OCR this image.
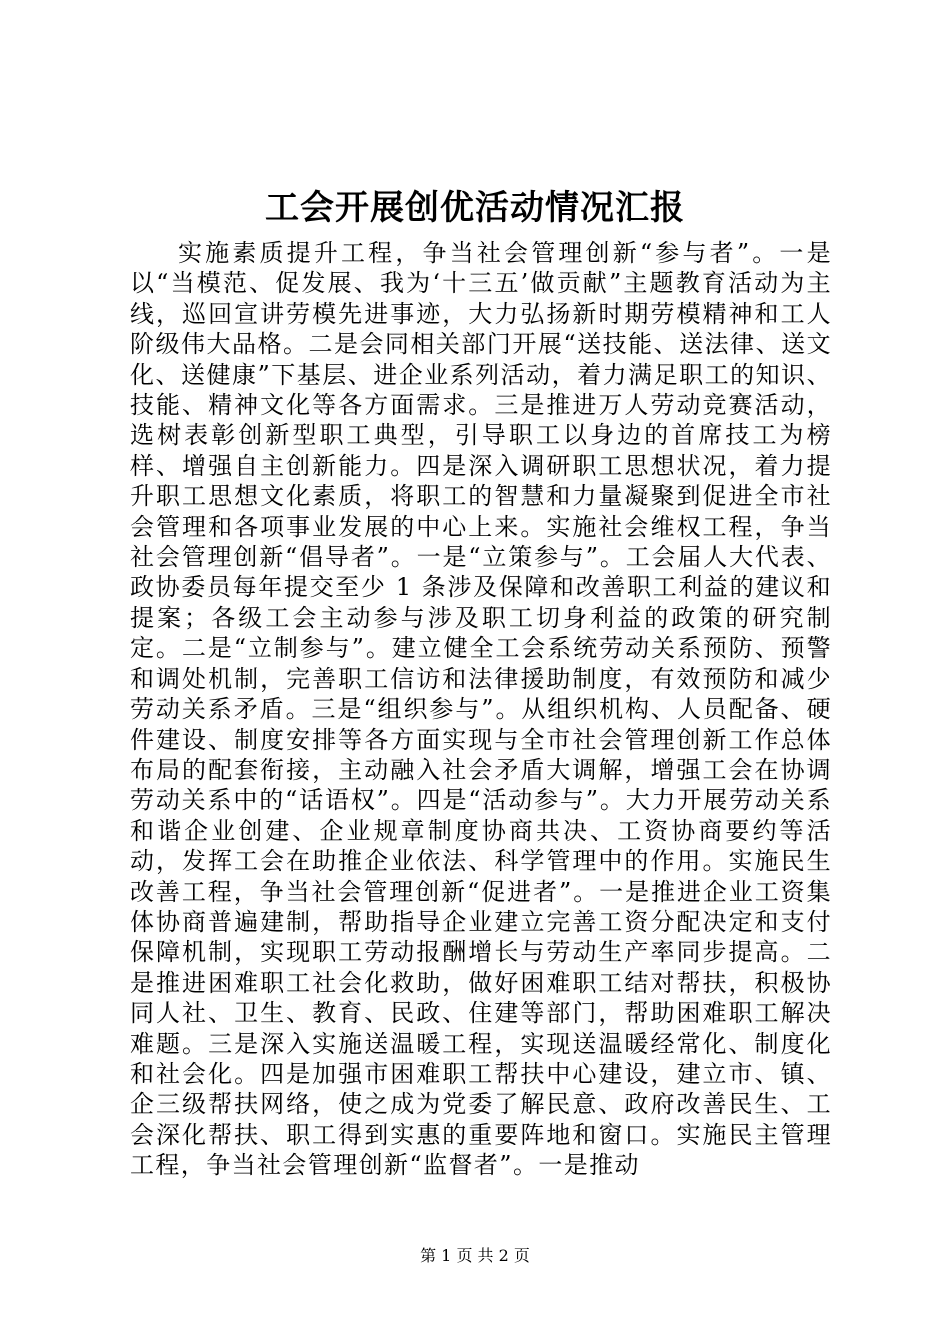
工会开展创优活动情况汇报

实施素质提升工程，争当社会管理创新“参与者”。一是以“当模范、促发展、我为‘十三五’做贡献”主题教育活动为主线，巡回宣讲劳模先进事迹，大力弘扬新时期劳模精神和工人阶级伟大品格。二是会同相关部门开展“送技能、送法律、送文化、送健康”下基层、进企业系列活动，着力满足职工的知识、技能、精神文化等各方面需求。三是推进万人劳动竞赛活动，选树表彰创新型职工典型，引导职工以身边的首席技工为榜样、增强自主创新能力。四是深入调研职工思想状况，着力提升职工思想文化素质，将职工的智慧和力量凝聚到促进全市社会管理和各项事业发展的中心上来。实施社会维权工程，争当社会管理创新“倡导者”。一是“立策参与”。工会届人大代表、政协委员每年提交至少 1 条涉及保障和改善职工利益的建议和提案；各级工会主动参与涉及职工切身利益的政策的研究制定。二是“立制参与”。建立健全工会系统劳动关系预防、预警和调处机制，完善职工信访和法律援助制度，有效预防和减少劳动关系矛盾。三是“组织参与”。从组织机构、人员配备、硬件建设、制度安排等各方面实现与全市社会管理创新工作总体布局的配套衔接，主动融入社会矛盾大调解，增强工会在协调劳动关系中的“话语权”。四是“活动参与”。大力开展劳动关系和谐企业创建、企业规章制度协商共决、工资协商要约等活动，发挥工会在助推企业依法、科学管理中的作用。实施民生改善工程，争当社会管理创新“促进者”。一是推进企业工资集体协商普遍建制，帮助指导企业建立完善工资分配决定和支付保障机制，实现职工劳动报酬增长与劳动生产率同步提高。二是推进困难职工社会化救助，做好困难职工结对帮扶，积极协同人社、卫生、教育、民政、住建等部门，帮助困难职工解决难题。三是深入实施送温暖工程，实现送温暖经常化、制度化和社会化。四是加强市困难职工帮扶中心建设，建立市、镇、企三级帮扶网络，使之成为党委了解民意、政府改善民生、工会深化帮扶、职工得到实惠的重要阵地和窗口。实施民主管理工程，争当社会管理创新“监督者”。一是推动

第 1 页 共 2 页
